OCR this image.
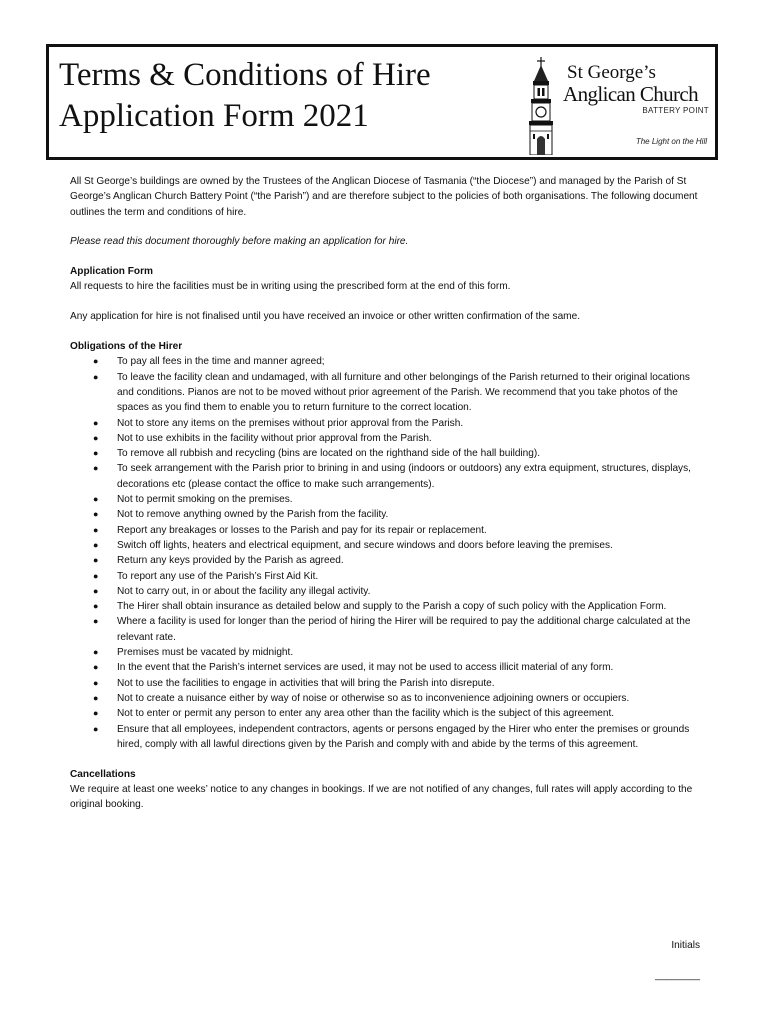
Terms & Conditions of Hire
Application Form 2021
St George’s
Anglican Church
BATTERY POINT
The Light on the Hill

All St George’s buildings are owned by the Trustees of the Anglican Diocese of Tasmania (“the Diocese”) and managed by the Parish of St George’s Anglican Church Battery Point (“the Parish”) and are therefore subject to the policies of both organisations. The following document outlines the term and conditions of hire.

Please read this document thoroughly before making an application for hire.

Application Form

All requests to hire the facilities must be in writing using the prescribed form at the end of this form.

Any application for hire is not finalised until you have received an invoice or other written confirmation of the same.

Obligations of the Hirer
● To pay all fees in the time and manner agreed;
● To leave the facility clean and undamaged, with all furniture and other belongings of the Parish returned to their original locations and conditions. Pianos are not to be moved without prior agreement of the Parish. We recommend that you take photos of the spaces as you find them to enable you to return furniture to the correct location.
● Not to store any items on the premises without prior approval from the Parish.
● Not to use exhibits in the facility without prior approval from the Parish.
● To remove all rubbish and recycling (bins are located on the righthand side of the hall building).
● To seek arrangement with the Parish prior to brining in and using (indoors or outdoors) any extra equipment, structures, displays, decorations etc (please contact the office to make such arrangements).
● Not to permit smoking on the premises.
● Not to remove anything owned by the Parish from the facility.
● Report any breakages or losses to the Parish and pay for its repair or replacement.
● Switch off lights, heaters and electrical equipment, and secure windows and doors before leaving the premises.
● Return any keys provided by the Parish as agreed.
● To report any use of the Parish’s First Aid Kit.
● Not to carry out, in or about the facility any illegal activity.
● The Hirer shall obtain insurance as detailed below and supply to the Parish a copy of such policy with the Application Form.
● Where a facility is used for longer than the period of hiring the Hirer will be required to pay the additional charge calculated at the relevant rate.
● Premises must be vacated by midnight.
● In the event that the Parish’s internet services are used, it may not be used to access illicit material of any form.
● Not to use the facilities to engage in activities that will bring the Parish into disrepute.
● Not to create a nuisance either by way of noise or otherwise so as to inconvenience adjoining owners or occupiers.
● Not to enter or permit any person to enter any area other than the facility which is the subject of this agreement.
● Ensure that all employees, independent contractors, agents or persons engaged by the Hirer who enter the premises or grounds hired, comply with all lawful directions given by the Parish and comply with and abide by the terms of this agreement.
Cancellations

We require at least one weeks’ notice to any changes in bookings. If we are not notified of any changes, full rates will apply according to the original booking.

Initials
________
